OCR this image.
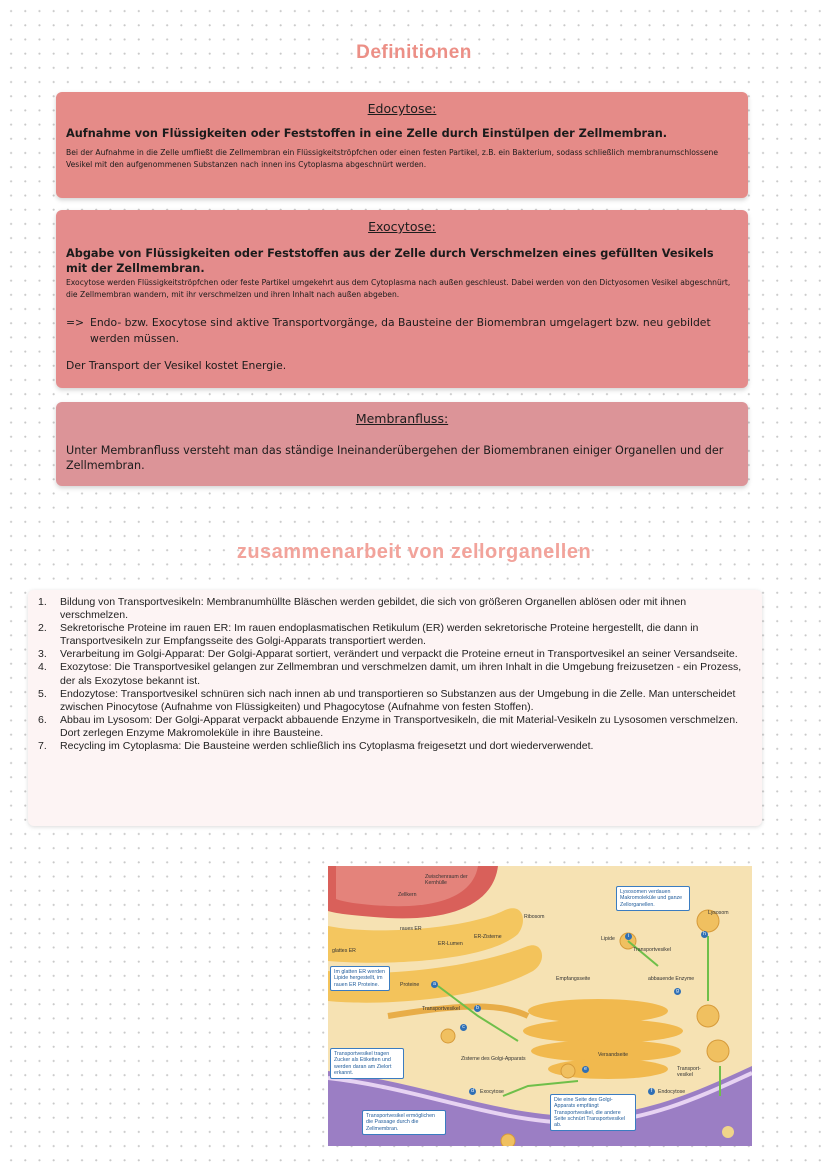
Definitionen
Edocytose:
Aufnahme von Flüssigkeiten oder Feststoffen in eine Zelle durch Einstülpen der Zellmembran.
Bei der Aufnahme in die Zelle umfließt die Zellmembran ein Flüssigkeitströpfchen oder einen festen Partikel, z.B. ein Bakterium, sodass schließlich membranumschlossene Vesikel mit den aufgenommenen Substanzen nach innen ins Cytoplasma abgeschnürt werden.
Exocytose:
Abgabe von Flüssigkeiten oder Feststoffen aus der Zelle durch Verschmelzen eines gefüllten Vesikels mit der Zellmembran.
Exocytose werden Flüssigkeitströpfchen oder feste Partikel umgekehrt aus dem Cytoplasma nach außen geschleust. Dabei werden von den Dictyosomen Vesikel abgeschnürt, die Zellmembran wandern, mit ihr verschmelzen und ihren Inhalt nach außen abgeben.
=> Endo- bzw. Exocytose sind aktive Transportvorgänge, da Bausteine der Biomembran umgelagert bzw. neu gebildet werden müssen.
Der Transport der Vesikel kostet Energie.
Membranfluss:
Unter Membranfluss versteht man das ständige Ineinanderübergehen der Biomembranen einiger Organellen und der Zellmembran.
zusammenarbeit von zellorganellen
1.	Bildung von Transportvesikeln: Membranumhüllte Bläschen werden gebildet, die sich von größeren Organellen ablösen oder mit ihnen verschmelzen.
2.	Sekretorische Proteine im rauen ER: Im rauen endoplasmatischen Retikulum (ER) werden sekretorische Proteine hergestellt, die dann in Transportvesikeln zur Empfangsseite des Golgi-Apparats transportiert werden.
3.	Verarbeitung im Golgi-Apparat: Der Golgi-Apparat sortiert, verändert und verpackt die Proteine erneut in Transportvesikel an seiner Versandseite.
4.	Exozytose: Die Transportvesikel gelangen zur Zellmembran und verschmelzen damit, um ihren Inhalt in die Umgebung freizusetzen - ein Prozess, der als Exozytose bekannt ist.
5.	Endozytose: Transportvesikel schnüren sich nach innen ab und transportieren so Substanzen aus der Umgebung in die Zelle. Man unterscheidet zwischen Pinocytose (Aufnahme von Flüssigkeiten) und Phagocytose (Aufnahme von festen Stoffen).
6.	Abbau im Lysosom: Der Golgi-Apparat verpackt abbauende Enzyme in Transportvesikeln, die mit Material-Vesikeln zu Lysosomen verschmelzen. Dort zerlegen Enzyme Makromoleküle in ihre Bausteine.
7.	Recycling im Cytoplasma: Die Bausteine werden schließlich ins Cytoplasma freigesetzt und dort wiederverwendet.
Zwischenraum der Kernhülle
Zellkern
Ribosom
raues ER
ER-Zisterne
ER-Lumen
glattes ER
Proteine	a
Transportvesikel	b
c
Zisterne des Golgi-Apparats
Versandseite
Empfangsseite
Lipide	i
Transportvesikel
Lysosom
h
abbauende Enzyme
g
Transport-vesikel
f	Endocytose
d	Exocytose
e
Lysosomen verdauen Makromoleküle und ganze Zellorganellen.
Im glatten ER werden Lipide hergestellt, im rauen ER Proteine.
Transportvesikel tragen Zucker als Etiketten und werden daran am Zielort erkannt.
Transportvesikel ermöglichen die Passage durch die Zellmembran.
Die eine Seite des Golgi-Apparats empfängt Transportvesikel, die andere Seite schnürt Transportvesikel ab.
